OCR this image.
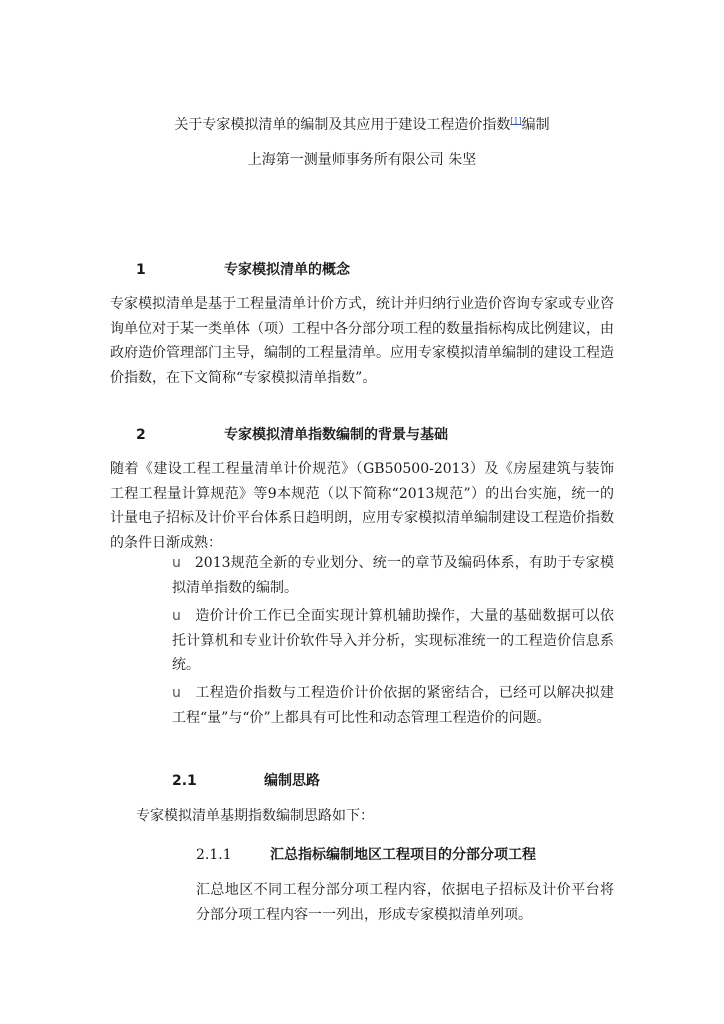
关于专家模拟清单的编制及其应用于建设工程造价指数[1]编制
上海第一测量师事务所有限公司 朱坚
1	专家模拟清单的概念
专家模拟清单是基于工程量清单计价方式，统计并归纳行业造价咨询专家或专业咨询单位对于某一类单体（项）工程中各分部分项工程的数量指标构成比例建议，由政府造价管理部门主导，编制的工程量清单。应用专家模拟清单编制的建设工程造价指数，在下文简称“专家模拟清单指数”。
2	专家模拟清单指数编制的背景与基础
随着《建设工程工程量清单计价规范》（GB50500-2013）及《房屋建筑与装饰工程工程量计算规范》等9本规范（以下简称“2013规范”）的出台实施，统一的计量电子招标及计价平台体系日趋明朗，应用专家模拟清单编制建设工程造价指数的条件日渐成熟：
u 2013规范全新的专业划分、统一的章节及编码体系，有助于专家模拟清单指数的编制。
u 造价计价工作已全面实现计算机辅助操作，大量的基础数据可以依托计算机和专业计价软件导入并分析，实现标准统一的工程造价信息系统。
u 工程造价指数与工程造价计价依据的紧密结合，已经可以解决拟建工程“量”与“价”上都具有可比性和动态管理工程造价的问题。
2.1	编制思路
专家模拟清单基期指数编制思路如下：
2.1.1	汇总指标编制地区工程项目的分部分项工程
汇总地区不同工程分部分项工程内容，依据电子招标及计价平台将分部分项工程内容一一列出，形成专家模拟清单列项。
